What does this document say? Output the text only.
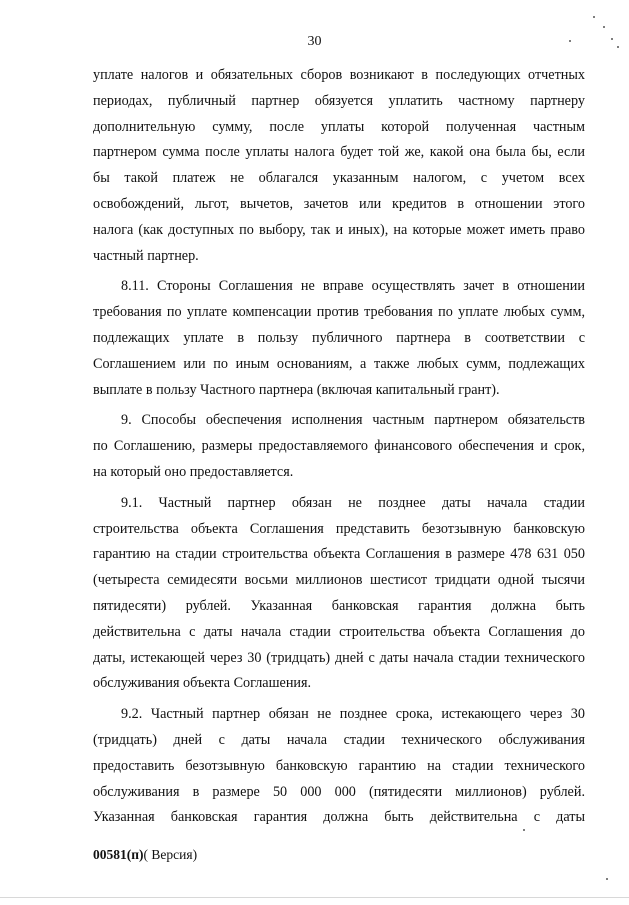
30
уплате налогов и обязательных сборов возникают в последующих отчетных
периодах, публичный партнер обязуется уплатить частному партнеру
дополнительную сумму, после уплаты которой полученная частным
партнером сумма после уплаты налога будет той же, какой она была бы, если
бы такой платеж не облагался указанным налогом, с учетом всех
освобождений, льгот, вычетов, зачетов или кредитов в отношении этого
налога (как доступных по выбору, так и иных), на которые может иметь право
частный партнер.
8.11. Стороны Соглашения не вправе осуществлять зачет в отношении
требования по уплате компенсации против требования по уплате любых сумм,
подлежащих уплате в пользу публичного партнера в соответствии с
Соглашением или по иным основаниям, а также любых сумм, подлежащих
выплате в пользу Частного партнера (включая капитальный грант).
9. Способы обеспечения исполнения частным партнером обязательств
по Соглашению, размеры предоставляемого финансового обеспечения и срок,
на который оно предоставляется.
9.1. Частный партнер обязан не позднее даты начала стадии
строительства объекта Соглашения представить безотзывную банковскую
гарантию на стадии строительства объекта Соглашения в размере 478 631 050
(четыреста семидесяти восьми миллионов шестисот тридцати одной тысячи
пятидесяти) рублей. Указанная банковская гарантия должна быть
действительна с даты начала стадии строительства объекта Соглашения до
даты, истекающей через 30 (тридцать) дней с даты начала стадии технического
обслуживания объекта Соглашения.
9.2. Частный партнер обязан не позднее срока, истекающего через 30
(тридцать) дней с даты начала стадии технического обслуживания
предоставить безотзывную банковскую гарантию на стадии технического
обслуживания в размере 50 000 000 (пятидесяти миллионов) рублей.
Указанная банковская гарантия должна быть действительна с даты
00581(п)( Версия)
